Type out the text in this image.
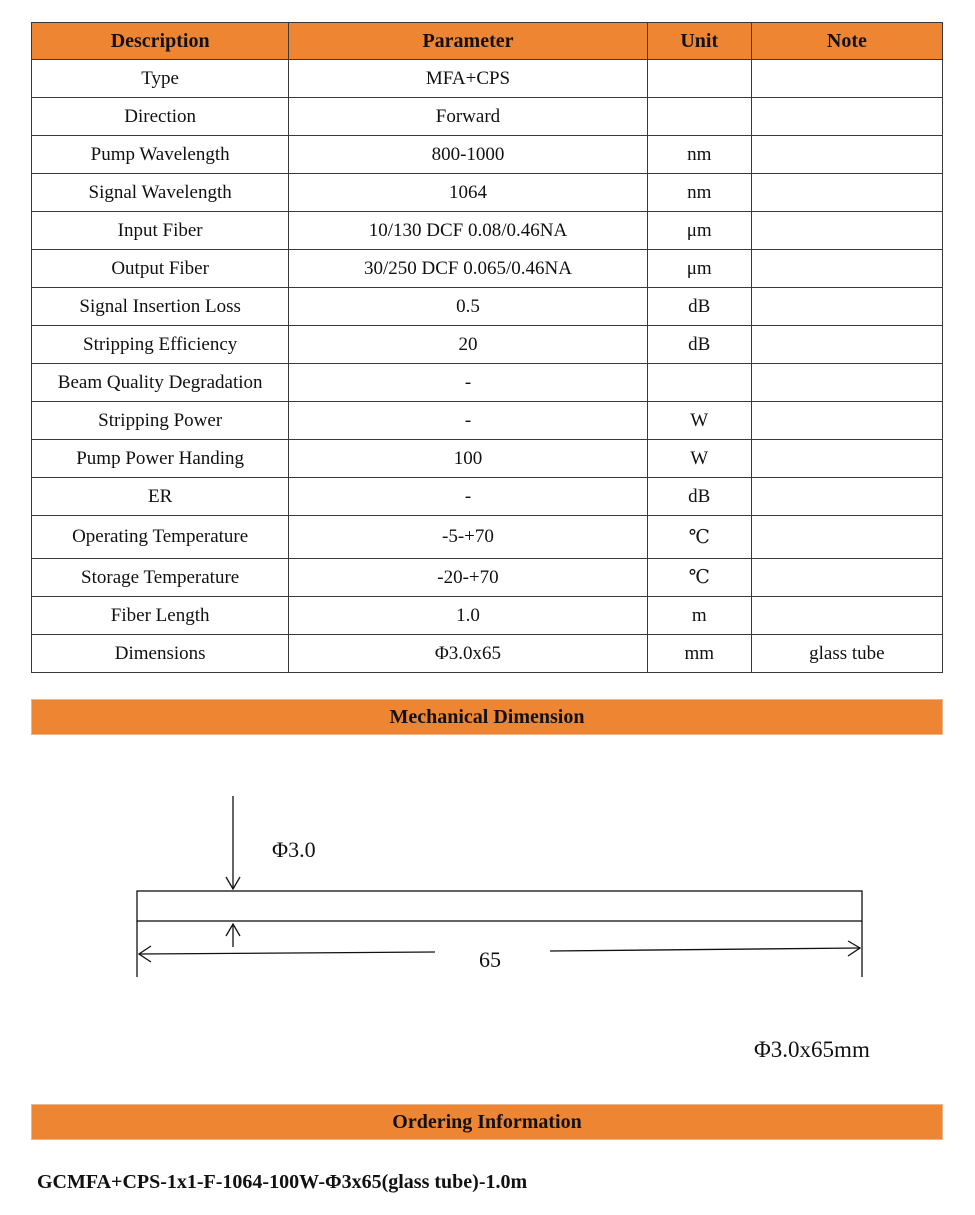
Description	Parameter	Unit	Note
Type	MFA+CPS		
Direction	Forward		
Pump Wavelength	800-1000	nm	
Signal Wavelength	1064	nm	
Input Fiber	10/130 DCF 0.08/0.46NA	μm	
Output Fiber	30/250 DCF 0.065/0.46NA	μm	
Signal Insertion Loss	0.5	dB	
Stripping Efficiency	20	dB	
Beam Quality Degradation	-		
Stripping Power	-	W	
Pump Power Handing	100	W	
ER	-	dB	
Operating Temperature	-5-+70	℃	
Storage Temperature	-20-+70	℃	
Fiber Length	1.0	m	
Dimensions	Φ3.0x65	mm	glass tube
Mechanical Dimension
Φ3.0
65
Φ3.0x65mm
Ordering Information
GCMFA+CPS-1x1-F-1064-100W-Φ3x65(glass tube)-1.0m
